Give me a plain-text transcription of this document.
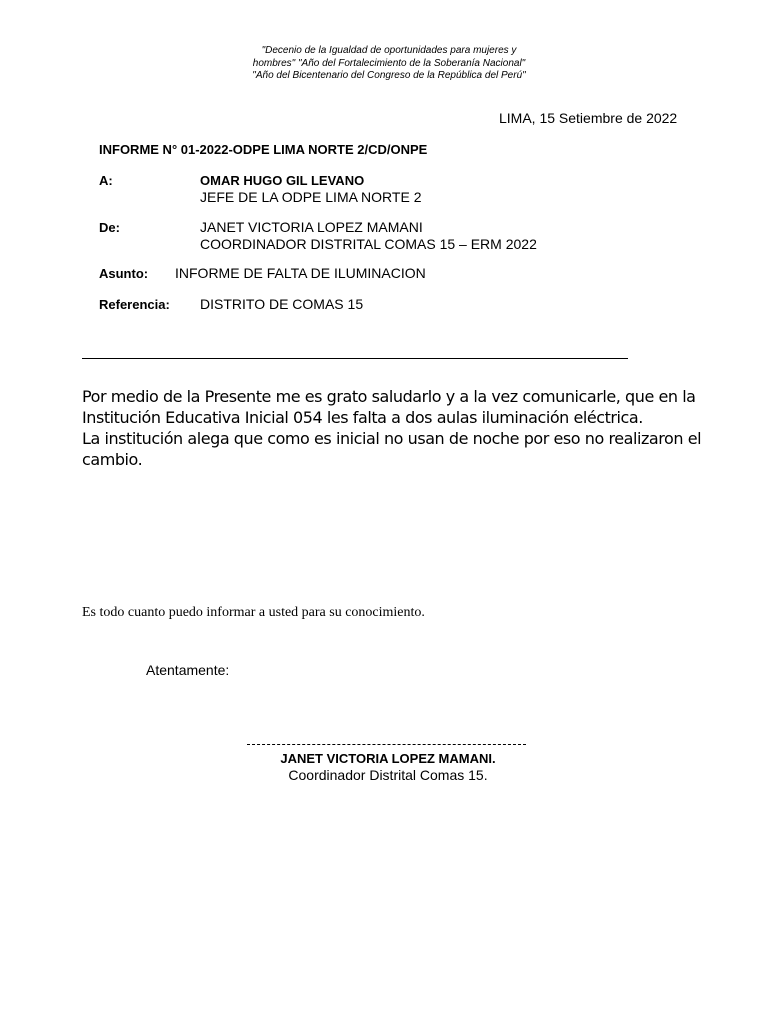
"Decenio de la Igualdad de oportunidades para mujeres y
hombres" "Año del Fortalecimiento de la Soberanía Nacional"
"Año del Bicentenario del Congreso de la República del Perú"
LIMA, 15 Setiembre de 2022
INFORME N° 01-2022-ODPE LIMA NORTE 2/CD/ONPE
A:	OMAR HUGO GIL LEVANO
JEFE DE LA ODPE LIMA NORTE 2
De:	JANET VICTORIA LOPEZ MAMANI
COORDINADOR DISTRITAL COMAS 15 – ERM 2022
Asunto: INFORME DE FALTA DE ILUMINACION
Referencia: DISTRITO DE COMAS 15

Por medio de la Presente me es grato saludarlo y a la vez comunicarle, que en la Institución Educativa Inicial 054 les falta a dos aulas iluminación eléctrica.

La institución alega que como es inicial no usan de noche por eso no realizaron el cambio.

Es todo cuanto puedo informar a usted para su conocimiento.
Atentamente:
JANET VICTORIA LOPEZ MAMANI.
Coordinador Distrital Comas 15.
